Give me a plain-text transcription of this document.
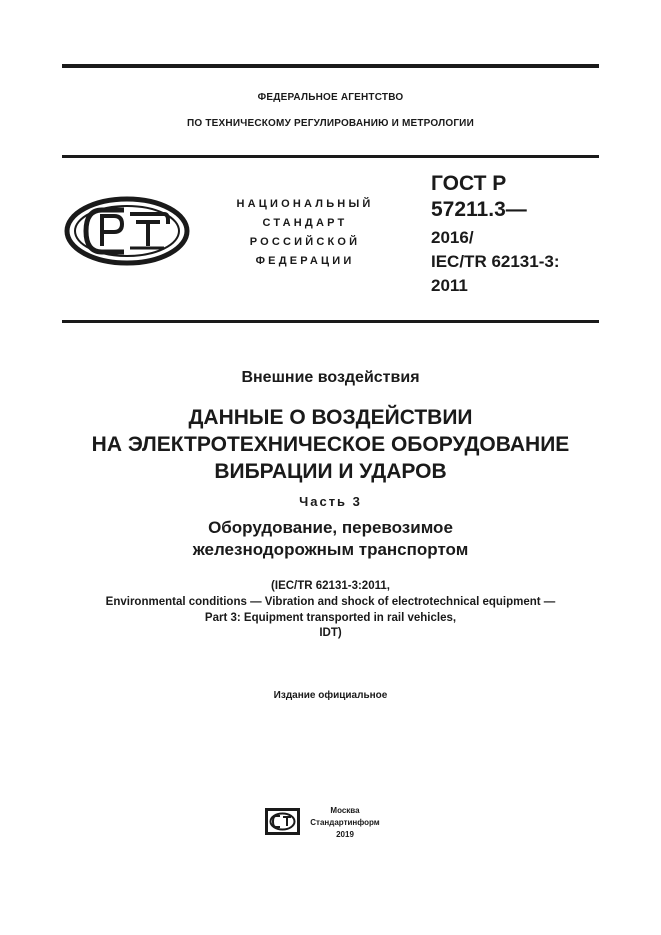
ФЕДЕРАЛЬНОЕ АГЕНТСТВО
ПО ТЕХНИЧЕСКОМУ РЕГУЛИРОВАНИЮ И МЕТРОЛОГИИ
НАЦИОНАЛЬНЫЙ
СТАНДАРТ
РОССИЙСКОЙ
ФЕДЕРАЦИИ
ГОСТ Р
57211.3—
2016/
IEC/TR 62131-3:
2011
Внешние воздействия
ДАННЫЕ О ВОЗДЕЙСТВИИ
НА ЭЛЕКТРОТЕХНИЧЕСКОЕ ОБОРУДОВАНИЕ
ВИБРАЦИИ И УДАРОВ
Часть 3
Оборудование, перевозимое
железнодорожным транспортом
(IEC/TR 62131-3:2011,
Environmental conditions — Vibration and shock of electrotechnical equipment —
Part 3: Equipment transported in rail vehicles,
IDT)
Издание официальное
Москва
Стандартинформ
2019
